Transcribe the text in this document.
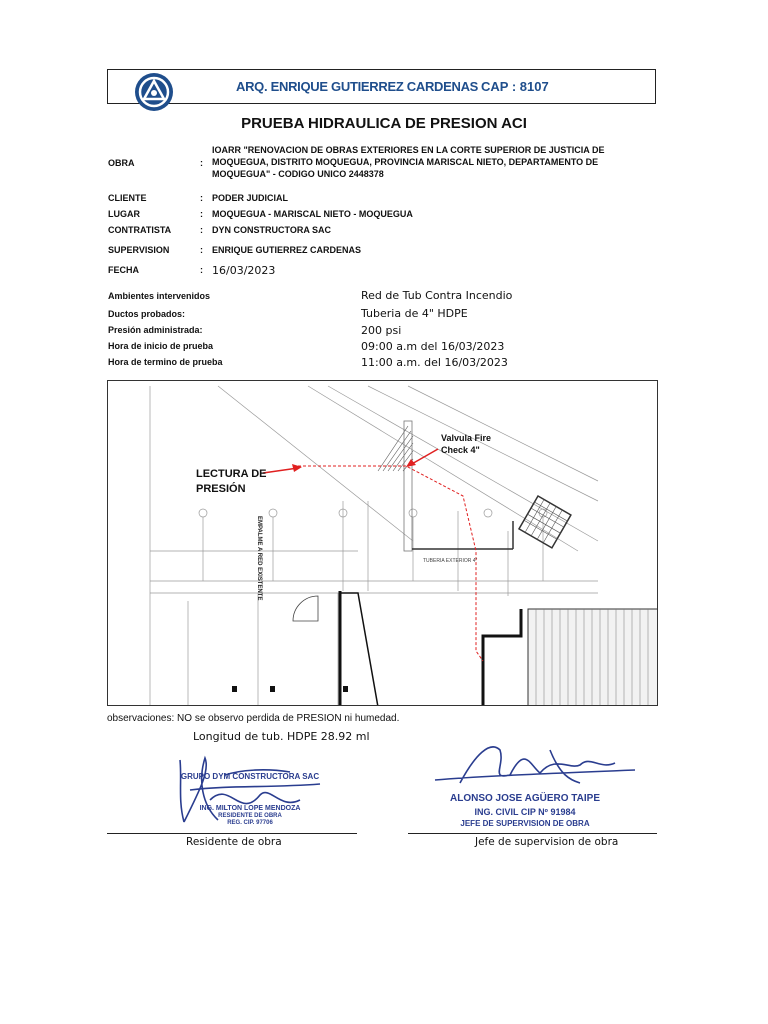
ARQ. ENRIQUE GUTIERREZ CARDENAS CAP : 8107
PRUEBA HIDRAULICA DE PRESION ACI
OBRA	:
IOARR "RENOVACION DE OBRAS EXTERIORES EN LA CORTE SUPERIOR DE JUSTICIA DE MOQUEGUA, DISTRITO MOQUEGUA, PROVINCIA MARISCAL NIETO, DEPARTAMENTO DE MOQUEGUA" - CODIGO UNICO 2448378
CLIENTE	: PODER JUDICIAL
LUGAR	: MOQUEGUA - MARISCAL NIETO - MOQUEGUA
CONTRATISTA	: DYN CONSTRUCTORA SAC
SUPERVISION	: ENRIQUE GUTIERREZ CARDENAS
FECHA	: 16/03/2023
Ambientes intervenidos	Red de Tub Contra Incendio
Ductos probados:	Tuberia de 4" HDPE
Presión administrada:	200 psi
Hora de inicio de prueba	09:00 a.m del 16/03/2023
Hora de termino de prueba	11:00 a.m. del 16/03/2023
LECTURA DE PRESIÓN
Valvula Fire
Check 4"
EMPALME A RED EXISTENTE	TUBERIA EXTERIOR 4"
observaciones: NO se observo perdida de PRESION ni humedad.
Longitud de tub. HDPE 28.92 ml
GRUPO DYM CONSTRUCTORA SAC
ING. MILTON LOPE MENDOZA
RESIDENTE DE OBRA
REG. CIP. 97706
Residente de obra
ALONSO JOSE AGÜERO TAIPE
ING. CIVIL CIP Nº 91984
JEFE DE SUPERVISION DE OBRA
Jefe de supervision de obra
